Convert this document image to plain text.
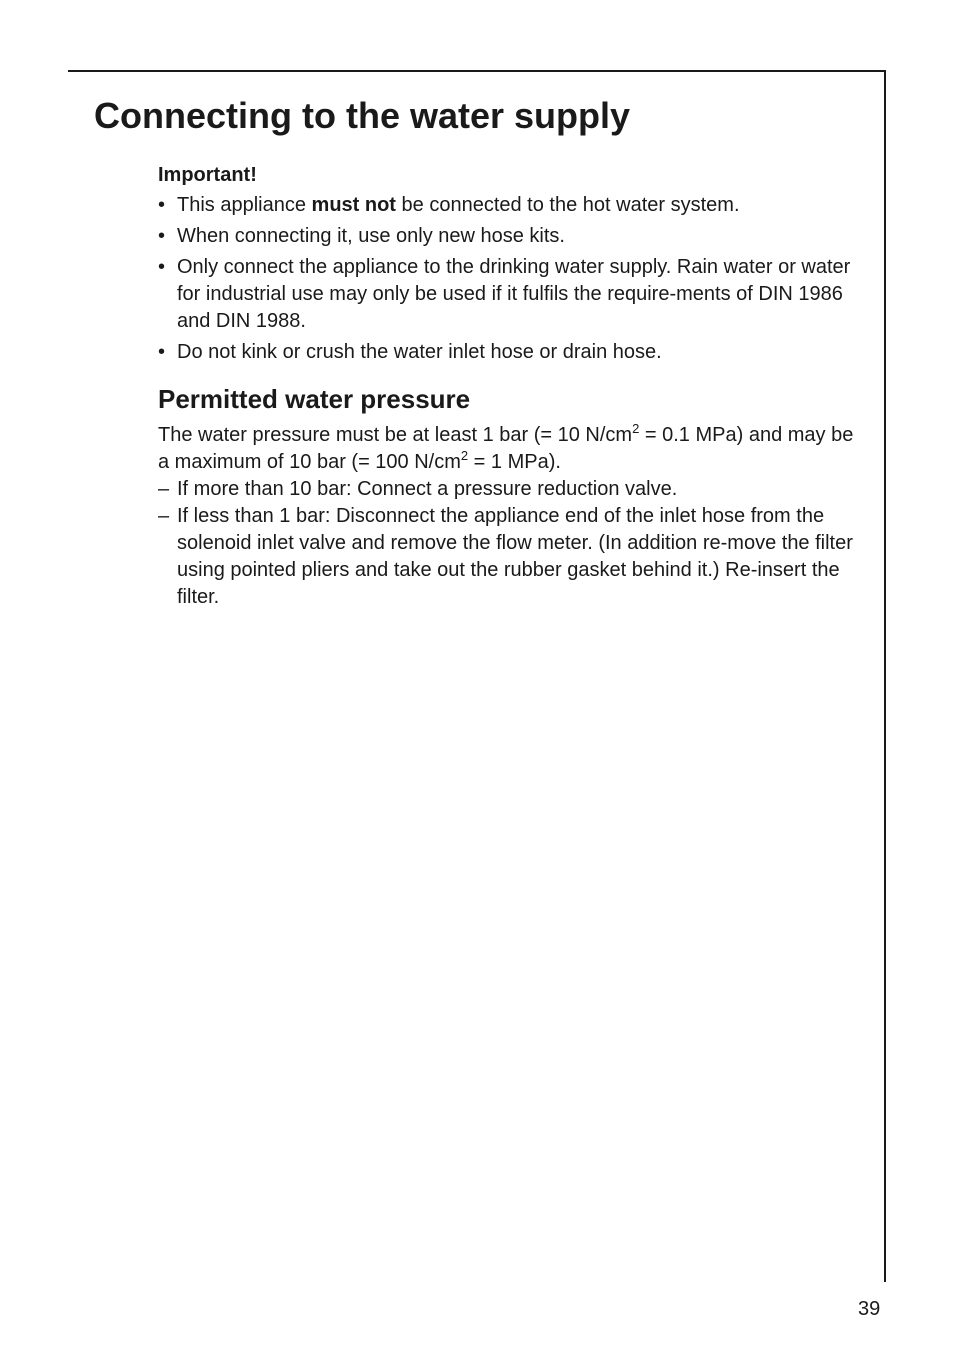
Connecting to the water supply
Important!
• This appliance must not be connected to the hot water system.
• When connecting it, use only new hose kits.
• Only connect the appliance to the drinking water supply. Rain water or water for industrial use may only be used if it fulfils the require-ments of DIN 1986 and DIN 1988.
• Do not kink or crush the water inlet hose or drain hose.
Permitted water pressure

The water pressure must be at least 1 bar (= 10 $N/cm^2 = 0.1$ MPa) and may be a maximum of 10 bar (= 100 $N/cm^2 = 1$ MPa).

– If more than 10 bar: Connect a pressure reduction valve.
– If less than 1 bar: Disconnect the appliance end of the inlet hose from the solenoid inlet valve and remove the flow meter. (In addition re-move the filter using pointed pliers and take out the rubber gasket behind it.) Re-insert the filter.
39
